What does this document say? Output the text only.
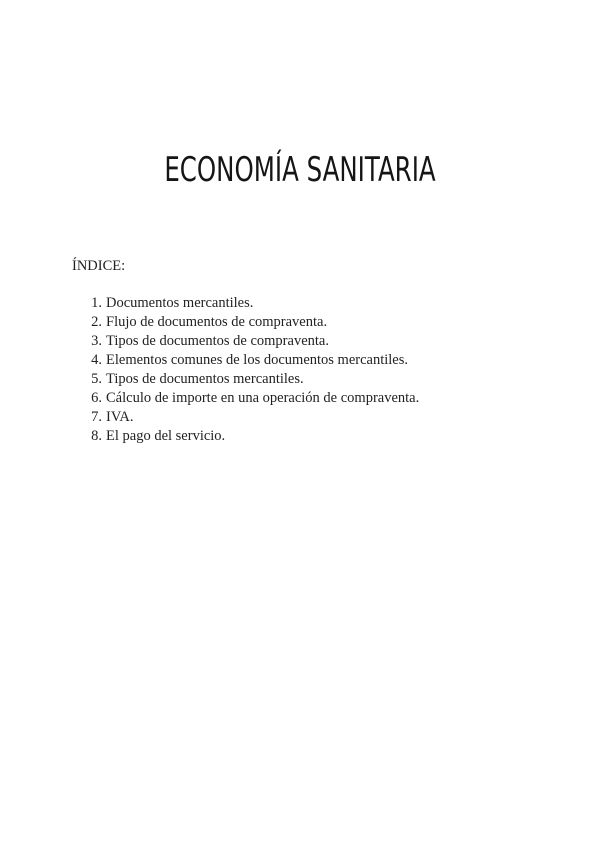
ECONOMÍA SANITARIA

ÍNDICE:

1. Documentos mercantiles.
2. Flujo de documentos de compraventa.
3. Tipos de documentos de compraventa.
4. Elementos comunes de los documentos mercantiles.
5. Tipos de documentos mercantiles.
6. Cálculo de importe en una operación de compraventa.
7. IVA.
8. El pago del servicio.
